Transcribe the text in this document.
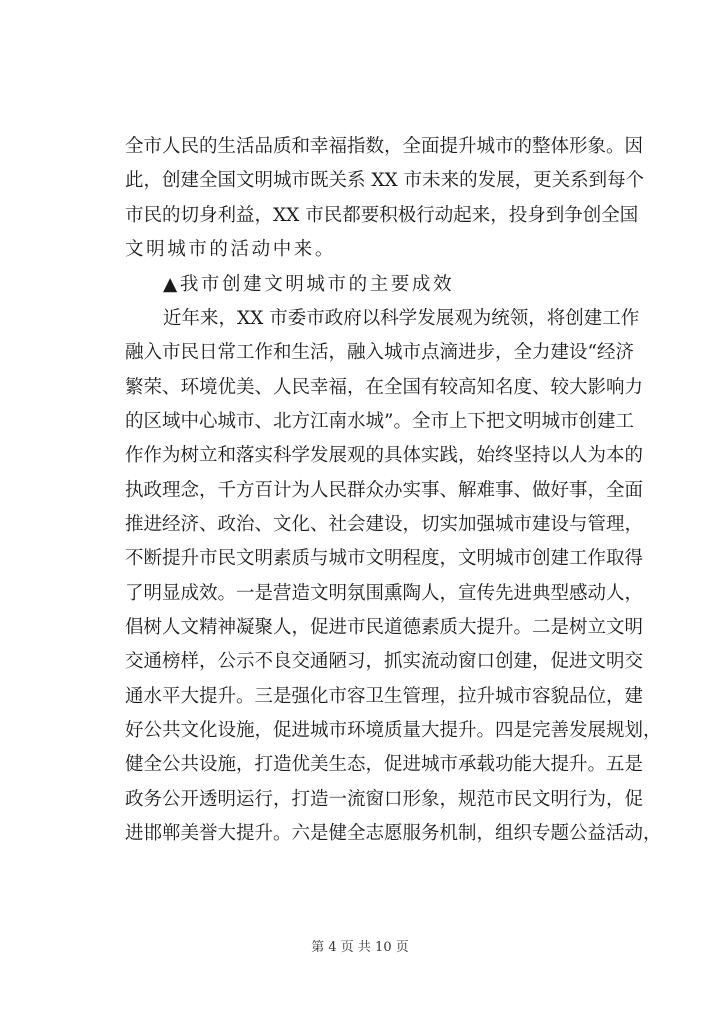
全市人民的生活品质和幸福指数，全面提升城市的整体形象。因
此，创建全国文明城市既关系 XX 市未来的发展，更关系到每个
市民的切身利益，XX 市民都要积极行动起来，投身到争创全国
文明城市的活动中来。
▲我市创建文明城市的主要成效
近年来，XX 市委市政府以科学发展观为统领，将创建工作
融入市民日常工作和生活，融入城市点滴进步，全力建设“经济
繁荣、环境优美、人民幸福，在全国有较高知名度、较大影响力
的区域中心城市、北方江南水城”。全市上下把文明城市创建工
作作为树立和落实科学发展观的具体实践，始终坚持以人为本的
执政理念，千方百计为人民群众办实事、解难事、做好事，全面
推进经济、政治、文化、社会建设，切实加强城市建设与管理，
不断提升市民文明素质与城市文明程度，文明城市创建工作取得
了明显成效。一是营造文明氛围熏陶人，宣传先进典型感动人，
倡树人文精神凝聚人，促进市民道德素质大提升。二是树立文明
交通榜样，公示不良交通陋习，抓实流动窗口创建，促进文明交
通水平大提升。三是强化市容卫生管理，拉升城市容貌品位，建
好公共文化设施，促进城市环境质量大提升。四是完善发展规划，
健全公共设施，打造优美生态，促进城市承载功能大提升。五是
政务公开透明运行，打造一流窗口形象，规范市民文明行为，促
进邯郸美誉大提升。六是健全志愿服务机制，组织专题公益活动，
第 4 页 共 10 页
